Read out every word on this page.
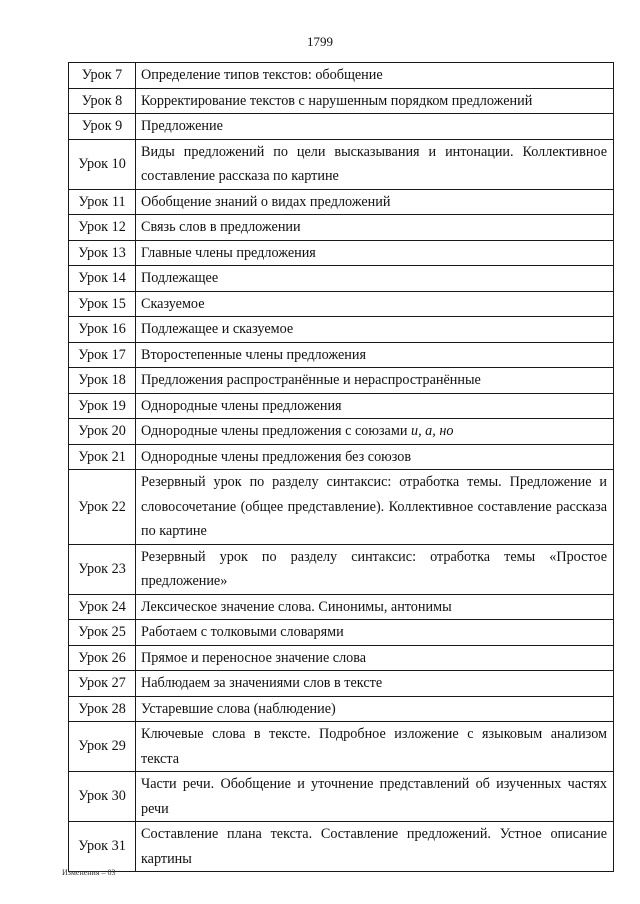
1799
Урок 7	Определение типов текстов: обобщение
Урок 8	Корректирование текстов с нарушенным порядком предложений
Урок 9	Предложение
Урок 10	Виды предложений по цели высказывания и интонации. Коллективное составление рассказа по картине
Урок 11	Обобщение знаний о видах предложений
Урок 12	Связь слов в предложении
Урок 13	Главные члены предложения
Урок 14	Подлежащее
Урок 15	Сказуемое
Урок 16	Подлежащее и сказуемое
Урок 17	Второстепенные члены предложения
Урок 18	Предложения распространённые и нераспространённые
Урок 19	Однородные члены предложения
Урок 20	Однородные члены предложения с союзами и, а, но
Урок 21	Однородные члены предложения без союзов
Урок 22	Резервный урок по разделу синтаксис: отработка темы. Предложение и словосочетание (общее представление). Коллективное составление рассказа по картине
Урок 23	Резервный урок по разделу синтаксис: отработка темы «Простое предложение»
Урок 24	Лексическое значение слова. Синонимы, антонимы
Урок 25	Работаем с толковыми словарями
Урок 26	Прямое и переносное значение слова
Урок 27	Наблюдаем за значениями слов в тексте
Урок 28	Устаревшие слова (наблюдение)
Урок 29	Ключевые слова в тексте. Подробное изложение с языковым анализом текста
Урок 30	Части речи. Обобщение и уточнение представлений об изученных частях речи
Урок 31	Составление плана текста. Составление предложений. Устное описание картины
Изменения – 03
